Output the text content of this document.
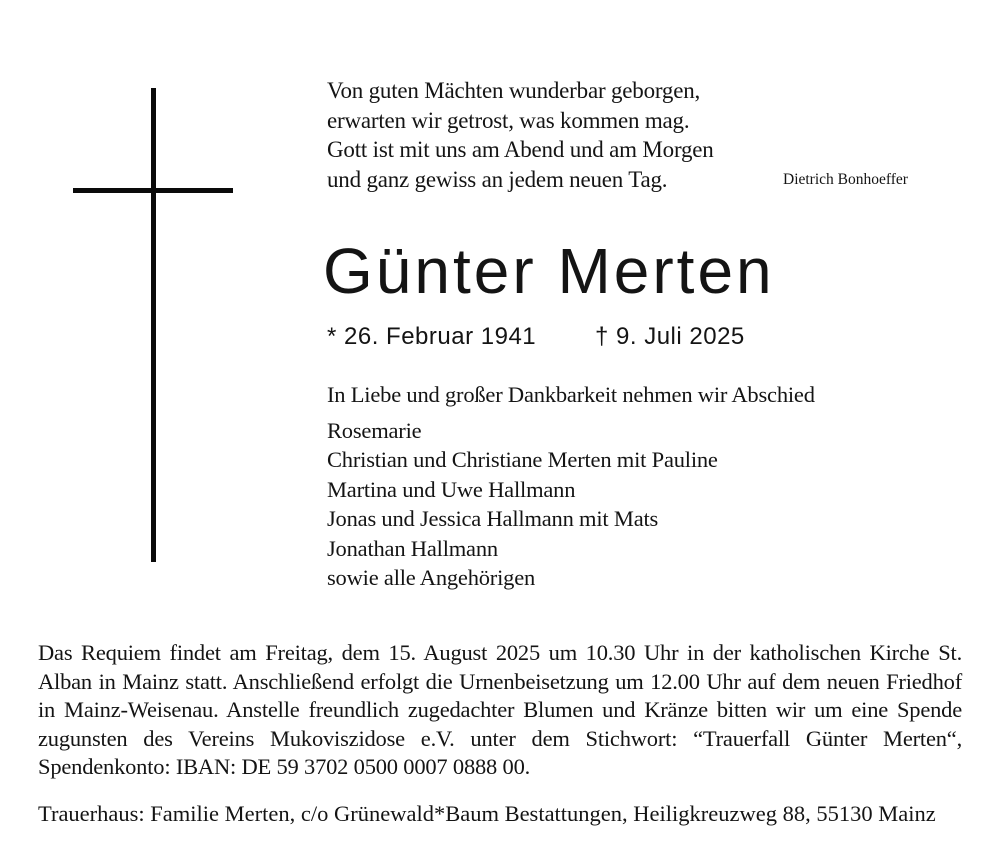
Von guten Mächten wunderbar geborgen,
erwarten wir getrost, was kommen mag.
Gott ist mit uns am Abend und am Morgen
und ganz gewiss an jedem neuen Tag.	Dietrich Bonhoeffer
Günter Merten
* 26. Februar 1941 † 9. Juli 2025
In Liebe und großer Dankbarkeit nehmen wir Abschied
Rosemarie
Christian und Christiane Merten mit Pauline
Martina und Uwe Hallmann
Jonas und Jessica Hallmann mit Mats
Jonathan Hallmann
sowie alle Angehörigen
Das Requiem findet am Freitag, dem 15. August 2025 um 10.30 Uhr in der katholischen Kirche St. Alban in Mainz statt. Anschließend erfolgt die Urnenbeisetzung um 12.00 Uhr auf dem neuen Friedhof in Mainz-Weisenau. Anstelle freundlich zugedachter Blumen und Kränze bitten wir um eine Spende zugunsten des Vereins Mukoviszidose e.V. unter dem Stichwort: “Trauerfall Günter Merten“, Spendenkonto: IBAN: DE 59 3702 0500 0007 0888 00.
Trauerhaus: Familie Merten, c/o Grünewald*Baum Bestattungen, Heiligkreuzweg 88, 55130 Mainz
